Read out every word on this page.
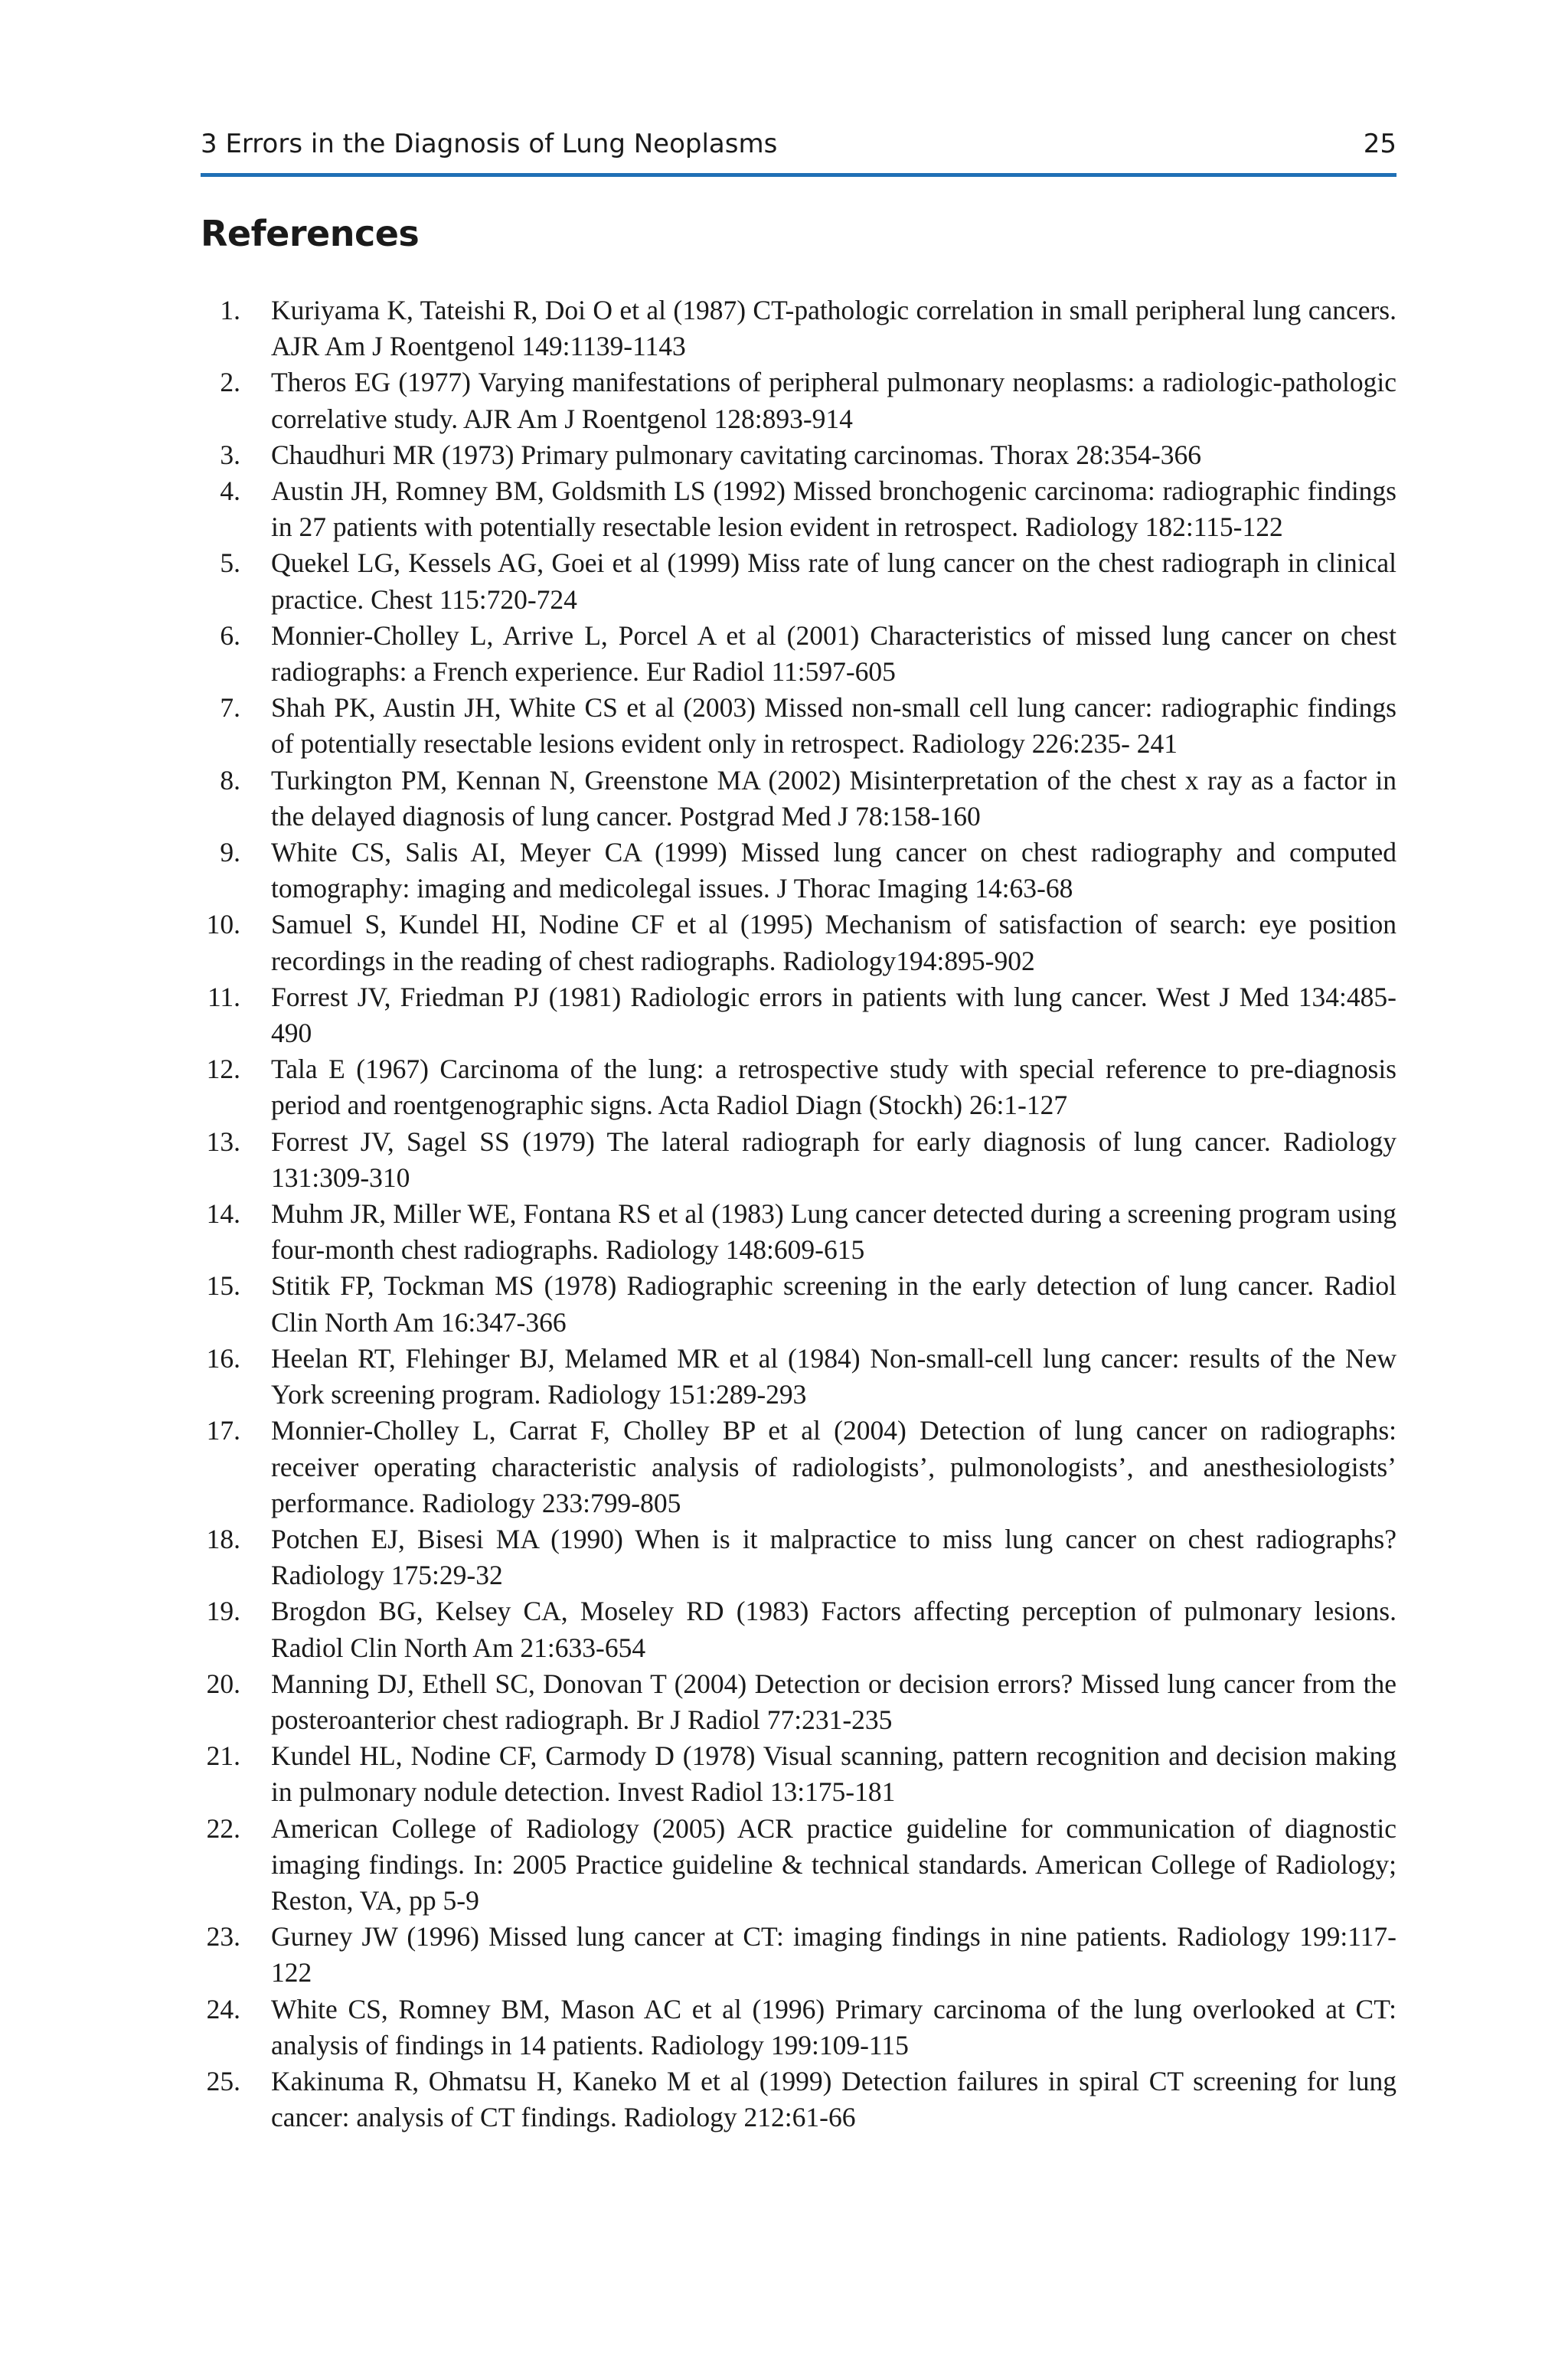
3 Errors in the Diagnosis of Lung Neoplasms	25
References
1. Kuriyama K, Tateishi R, Doi O et al (1987) CT-pathologic correlation in small peripheral lung cancers. AJR Am J Roentgenol 149:1139-1143
2. Theros EG (1977) Varying manifestations of peripheral pulmonary neoplasms: a radiologic-pathologic correlative study. AJR Am J Roentgenol 128:893-914
3. Chaudhuri MR (1973) Primary pulmonary cavitating carcinomas. Thorax 28:354-366
4. Austin JH, Romney BM, Goldsmith LS (1992) Missed bronchogenic carcinoma: radiographic findings in 27 patients with potentially resectable lesion evident in retrospect. Radiology 182:115-122
5. Quekel LG, Kessels AG, Goei et al (1999) Miss rate of lung cancer on the chest radiograph in clinical practice. Chest 115:720-724
6. Monnier-Cholley L, Arrive L, Porcel A et al (2001) Characteristics of missed lung cancer on chest radiographs: a French experience. Eur Radiol 11:597-605
7. Shah PK, Austin JH, White CS et al (2003) Missed non-small cell lung cancer: radiographic findings of potentially resectable lesions evident only in retrospect. Radiology 226:235- 241
8. Turkington PM, Kennan N, Greenstone MA (2002) Misinterpretation of the chest x ray as a factor in the delayed diagnosis of lung cancer. Postgrad Med J 78:158-160
9. White CS, Salis AI, Meyer CA (1999) Missed lung cancer on chest radiography and computed tomography: imaging and medicolegal issues. J Thorac Imaging 14:63-68
10. Samuel S, Kundel HI, Nodine CF et al (1995) Mechanism of satisfaction of search: eye position recordings in the reading of chest radiographs. Radiology194:895-902
11. Forrest JV, Friedman PJ (1981) Radiologic errors in patients with lung cancer. West J Med 134:485-490
12. Tala E (1967) Carcinoma of the lung: a retrospective study with special reference to pre-diagnosis period and roentgenographic signs. Acta Radiol Diagn (Stockh) 26:1-127
13. Forrest JV, Sagel SS (1979) The lateral radiograph for early diagnosis of lung cancer. Radiology 131:309-310
14. Muhm JR, Miller WE, Fontana RS et al (1983) Lung cancer detected during a screening program using four-month chest radiographs. Radiology 148:609-615
15. Stitik FP, Tockman MS (1978) Radiographic screening in the early detection of lung cancer. Radiol Clin North Am 16:347-366
16. Heelan RT, Flehinger BJ, Melamed MR et al (1984) Non-small-cell lung cancer: results of the New York screening program. Radiology 151:289-293
17. Monnier-Cholley L, Carrat F, Cholley BP et al (2004) Detection of lung cancer on radiographs: receiver operating characteristic analysis of radiologists’, pulmonologists’, and anesthesiologists’ performance. Radiology 233:799-805
18. Potchen EJ, Bisesi MA (1990) When is it malpractice to miss lung cancer on chest radiographs? Radiology 175:29-32
19. Brogdon BG, Kelsey CA, Moseley RD (1983) Factors affecting perception of pulmonary lesions. Radiol Clin North Am 21:633-654
20. Manning DJ, Ethell SC, Donovan T (2004) Detection or decision errors? Missed lung cancer from the posteroanterior chest radiograph. Br J Radiol 77:231-235
21. Kundel HL, Nodine CF, Carmody D (1978) Visual scanning, pattern recognition and decision making in pulmonary nodule detection. Invest Radiol 13:175-181
22. American College of Radiology (2005) ACR practice guideline for communication of diagnostic imaging findings. In: 2005 Practice guideline & technical standards. American College of Radiology; Reston, VA, pp 5-9
23. Gurney JW (1996) Missed lung cancer at CT: imaging findings in nine patients. Radiology 199:117-122
24. White CS, Romney BM, Mason AC et al (1996) Primary carcinoma of the lung overlooked at CT: analysis of findings in 14 patients. Radiology 199:109-115
25. Kakinuma R, Ohmatsu H, Kaneko M et al (1999) Detection failures in spiral CT screening for lung cancer: analysis of CT findings. Radiology 212:61-66
